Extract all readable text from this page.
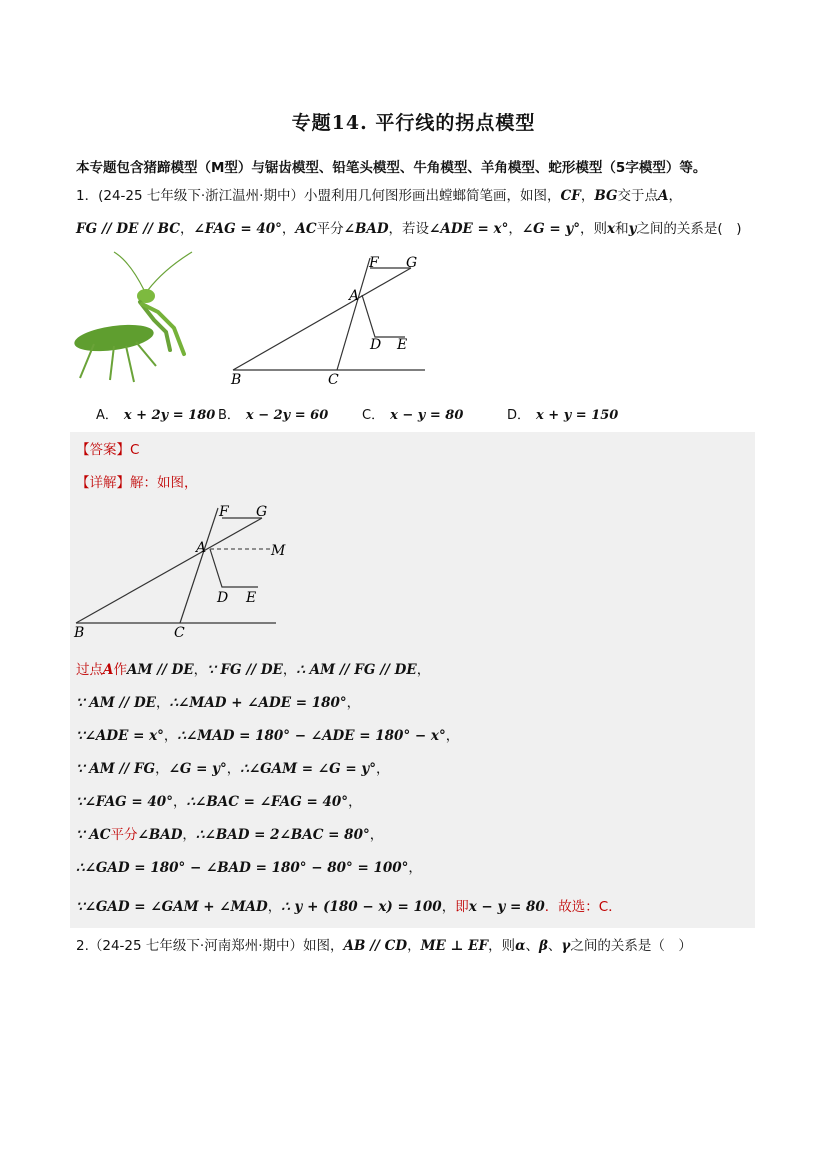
专题14. 平行线的拐点模型
本专题包含猪蹄模型（M型）与锯齿模型、铅笔头模型、牛角模型、羊角模型、蛇形模型（5字模型）等。
1．(24-25 七年级下·浙江温州·期中）小盟利用几何图形画出螳螂简笔画，如图，CF，BG交于点A，
FG // DE // BC，∠FAG = 40°，AC平分∠BAD，若设∠ADE = x°，∠G = y°，则x和y之间的关系是(　)
F G
A
D E
B	C
A． x + 2y = 180 B． x − 2y = 60	C． x − y = 80	D． x + y = 150
【答案】C
【详解】解：如图，
F G
A	M
D E
B	C
过点A作AM // DE，∵ FG // DE，∴ AM // FG // DE，
∵ AM // DE，∴∠MAD + ∠ADE = 180°，
∵∠ADE = x°，∴∠MAD = 180° − ∠ADE = 180° − x°，
∵ AM // FG，∠G = y°，∴∠GAM = ∠G = y°，
∵∠FAG = 40°，∴∠BAC = ∠FAG = 40°，
∵ AC平分∠BAD，∴∠BAD = 2∠BAC = 80°，
∴∠GAD = 180° − ∠BAD = 180° − 80° = 100°，
∵∠GAD = ∠GAM + ∠MAD，∴ y + (180 − x) = 100，即x − y = 80．故选：C．
2.（24-25 七年级下·河南郑州·期中）如图，AB // CD，ME ⊥ EF，则α、β、γ之间的关系是（　）
